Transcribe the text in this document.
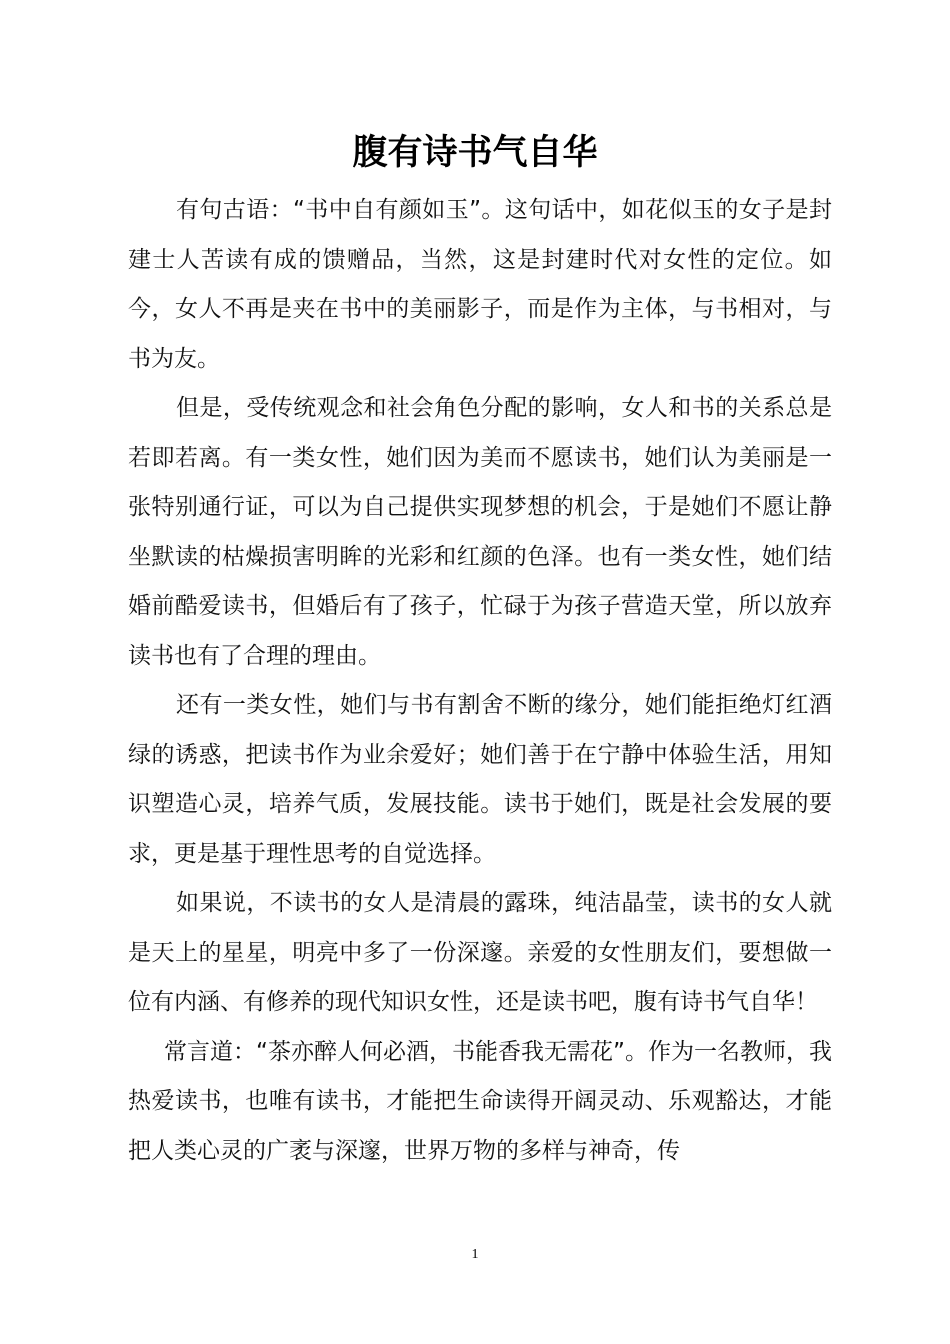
腹有诗书气自华

有句古语：“书中自有颜如玉”。这句话中，如花似玉的女子是封建士人苦读有成的馈赠品，当然，这是封建时代对女性的定位。如今，女人不再是夹在书中的美丽影子，而是作为主体，与书相对，与书为友。

但是，受传统观念和社会角色分配的影响，女人和书的关系总是若即若离。有一类女性，她们因为美而不愿读书，她们认为美丽是一张特别通行证，可以为自己提供实现梦想的机会，于是她们不愿让静坐默读的枯燥损害明眸的光彩和红颜的色泽。也有一类女性，她们结婚前酷爱读书，但婚后有了孩子，忙碌于为孩子营造天堂，所以放弃读书也有了合理的理由。

还有一类女性，她们与书有割舍不断的缘分，她们能拒绝灯红酒绿的诱惑，把读书作为业余爱好；她们善于在宁静中体验生活，用知识塑造心灵，培养气质，发展技能。读书于她们，既是社会发展的要求，更是基于理性思考的自觉选择。

如果说，不读书的女人是清晨的露珠，纯洁晶莹，读书的女人就是天上的星星，明亮中多了一份深邃。亲爱的女性朋友们，要想做一位有内涵、有修养的现代知识女性，还是读书吧，腹有诗书气自华！

常言道：“茶亦醉人何必酒，书能香我无需花”。作为一名教师，我热爱读书，也唯有读书，才能把生命读得开阔灵动、乐观豁达，才能把人类心灵的广袤与深邃，世界万物的多样与神奇，传

1
